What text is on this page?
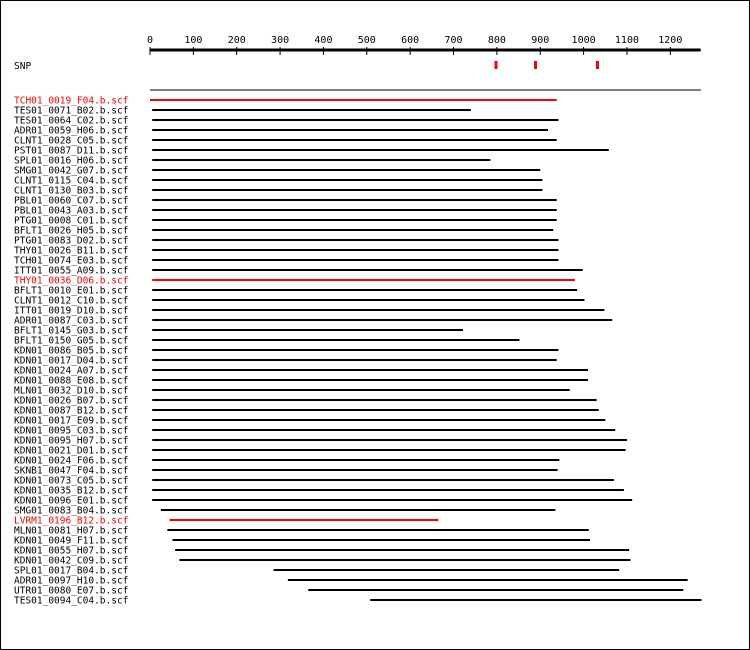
0	100	200	300	400	500	600	700	800	900 1000 1100 1200
SNP
TCH01_0019_F04.b.scf
TES01_0071_B02.b.scf
TES01_0064_C02.b.scf
ADR01_0059_H06.b.scf
CLNT1_0028_C05.b.scf
PST01_0087_D11.b.scf
SPL01_0016_H06.b.scf
SMG01_0042_G07.b.scf
CLNT1_0115_C04.b.scf
CLNT1_0130_B03.b.scf
PBL01_0060_C07.b.scf
PBL01_0043_A03.b.scf
PTG01_0008_C01.b.scf
BFLT1_0026_H05.b.scf
PTG01_0083_D02.b.scf
THY01_0026_B11.b.scf
TCH01_0074_E03.b.scf
ITT01_0055_A09.b.scf
THY01_0036_D06.b.scf
BFLT1_0010_E01.b.scf
CLNT1_0012_C10.b.scf
ITT01_0019_D10.b.scf
ADR01_0087_C03.b.scf
BFLT1_0145_G03.b.scf
BFLT1_0150_G05.b.scf
KDN01_0086_B05.b.scf
KDN01_0017_D04.b.scf
KDN01_0024_A07.b.scf
KDN01_0088_E08.b.scf
MLN01_0032_D10.b.scf
KDN01_0026_B07.b.scf
KDN01_0087_B12.b.scf
KDN01_0017_E09.b.scf
KDN01_0095_C03.b.scf
KDN01_0095_H07.b.scf
KDN01_0021_D01.b.scf
KDN01_0024_F06.b.scf
SKNB1_0047_F04.b.scf
KDN01_0073_C05.b.scf
KDN01_0035_B12.b.scf
KDN01_0096_E01.b.scf
SMG01_0083_B04.b.scf
LVRM1_0196_B12.b.scf
MLN01_0081_H07.b.scf
KDN01_0049_F11.b.scf
KDN01_0055_H07.b.scf
KDN01_0042_C09.b.scf
SPL01_0017_B04.b.scf
ADR01_0097_H10.b.scf
UTR01_0080_E07.b.scf
TES01_0094_C04.b.scf
